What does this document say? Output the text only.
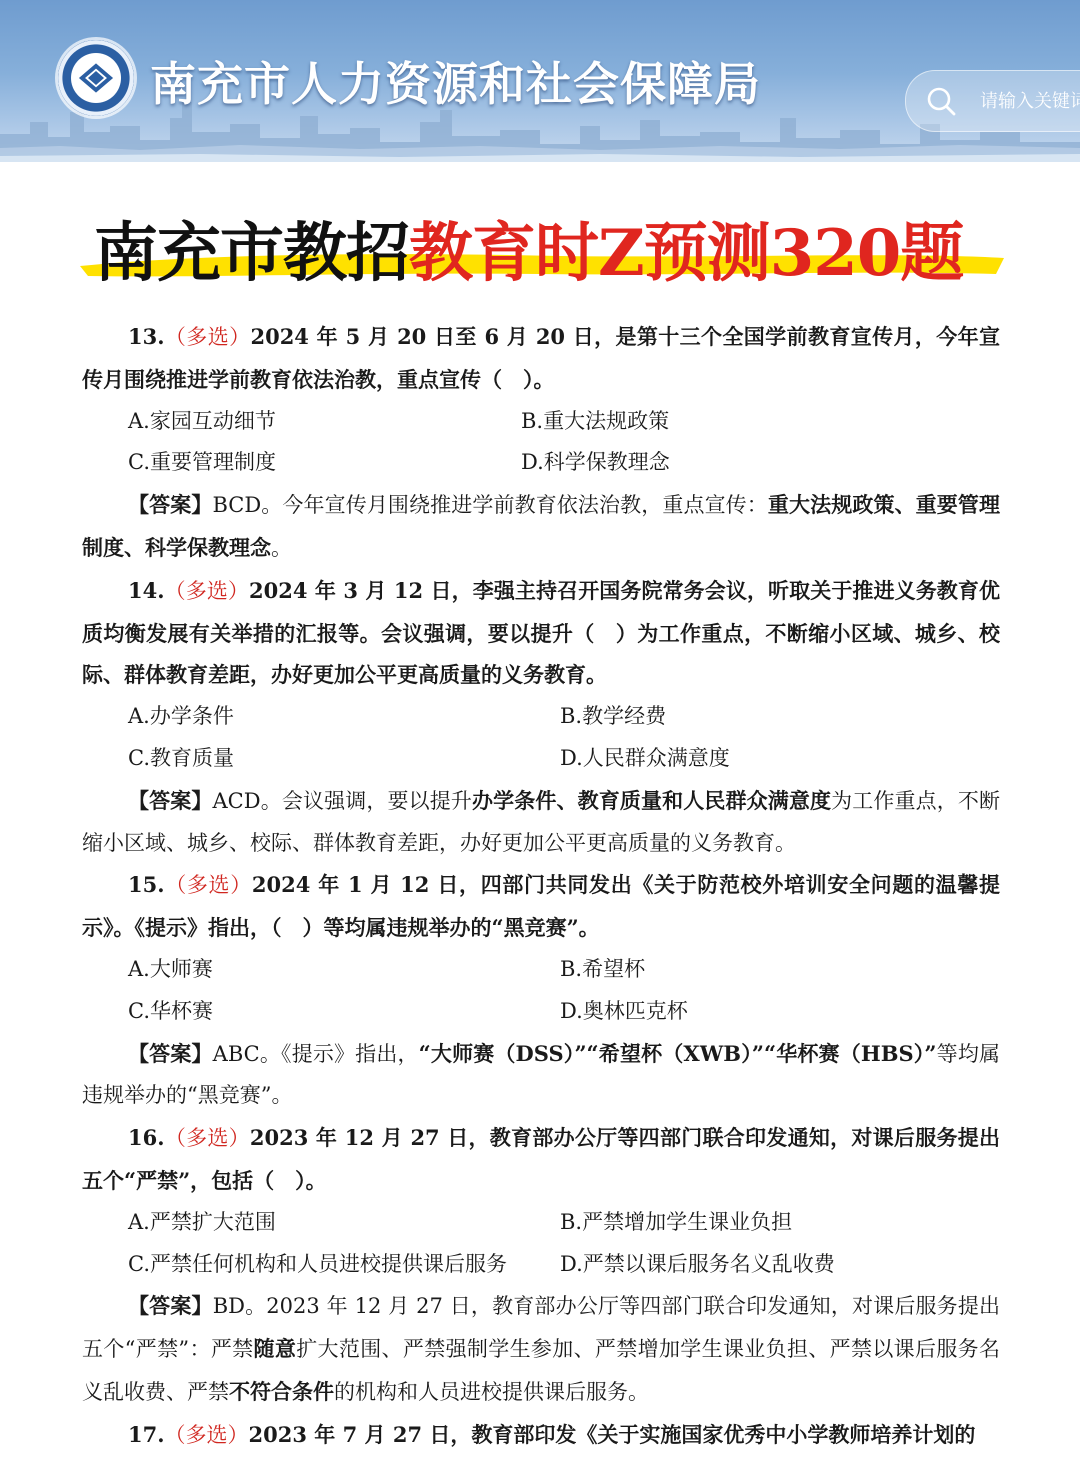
南充市人力资源和社会保障局
请输入关键词
南充市教招教育时Z预测320题

13.（多选）2024 年 5 月 20 日至 6 月 20 日，是第十三个全国学前教育宣传月，今年宣传月围绕推进学前教育依法治教，重点宣传（　）。

A.家园互动细节	B.重大法规政策
C.重要管理制度	D.科学保教理念

【答案】BCD。今年宣传月围绕推进学前教育依法治教，重点宣传：重大法规政策、重要管理制度、科学保教理念。

14.（多选）2024 年 3 月 12 日，李强主持召开国务院常务会议，听取关于推进义务教育优质均衡发展有关举措的汇报等。会议强调，要以提升（　）为工作重点，不断缩小区域、城乡、校际、群体教育差距，办好更加公平更高质量的义务教育。

A.办学条件	B.教学经费
C.教育质量	D.人民群众满意度

【答案】ACD。会议强调，要以提升办学条件、教育质量和人民群众满意度为工作重点，不断缩小区域、城乡、校际、群体教育差距，办好更加公平更高质量的义务教育。

15.（多选）2024 年 1 月 12 日，四部门共同发出《关于防范校外培训安全问题的温馨提示》。《提示》指出，（　）等均属违规举办的“黑竞赛”。

A.大师赛	B.希望杯
C.华杯赛	D.奥林匹克杯

【答案】ABC。《提示》指出，“大师赛（DSS）”“希望杯（XWB）”“华杯赛（HBS）”等均属违规举办的“黑竞赛”。

16.（多选）2023 年 12 月 27 日，教育部办公厅等四部门联合印发通知，对课后服务提出五个“严禁”，包括（　）。

A.严禁扩大范围	B.严禁增加学生课业负担
C.严禁任何机构和人员进校提供课后服务	D.严禁以课后服务名义乱收费

【答案】BD。2023 年 12 月 27 日，教育部办公厅等四部门联合印发通知，对课后服务提出五个“严禁”：严禁随意扩大范围、严禁强制学生参加、严禁增加学生课业负担、严禁以课后服务名义乱收费、严禁不符合条件的机构和人员进校提供课后服务。

17.（多选）2023 年 7 月 27 日，教育部印发《关于实施国家优秀中小学教师培养计划的
